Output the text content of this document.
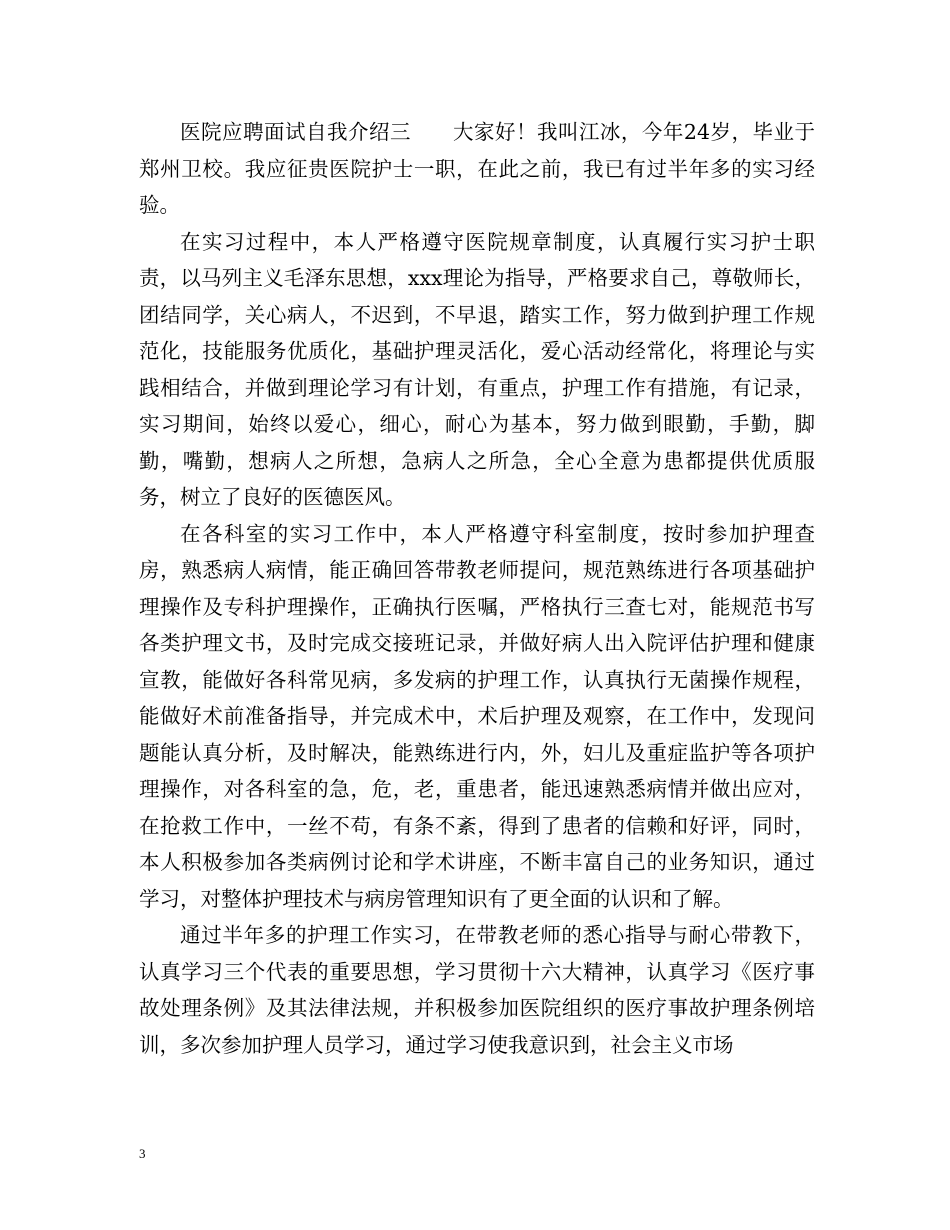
医院应聘面试自我介绍三　　大家好！我叫江冰，今年24岁，毕业于郑州卫校。我应征贵医院护士一职，在此之前，我已有过半年多的实习经验。

在实习过程中，本人严格遵守医院规章制度，认真履行实习护士职责，以马列主义毛泽东思想，xxx理论为指导，严格要求自己，尊敬师长，团结同学，关心病人，不迟到，不早退，踏实工作，努力做到护理工作规范化，技能服务优质化，基础护理灵活化，爱心活动经常化，将理论与实践相结合，并做到理论学习有计划，有重点，护理工作有措施，有记录，实习期间，始终以爱心，细心，耐心为基本，努力做到眼勤，手勤，脚勤，嘴勤，想病人之所想，急病人之所急，全心全意为患都提供优质服务，树立了良好的医德医风。

在各科室的实习工作中，本人严格遵守科室制度，按时参加护理查房，熟悉病人病情，能正确回答带教老师提问，规范熟练进行各项基础护理操作及专科护理操作，正确执行医嘱，严格执行三查七对，能规范书写各类护理文书，及时完成交接班记录，并做好病人出入院评估护理和健康宣教，能做好各科常见病，多发病的护理工作，认真执行无菌操作规程，能做好术前准备指导，并完成术中，术后护理及观察，在工作中，发现问题能认真分析，及时解决，能熟练进行内，外，妇儿及重症监护等各项护理操作，对各科室的急，危，老，重患者，能迅速熟悉病情并做出应对，在抢救工作中，一丝不苟，有条不紊，得到了患者的信赖和好评，同时，本人积极参加各类病例讨论和学术讲座，不断丰富自己的业务知识，通过学习，对整体护理技术与病房管理知识有了更全面的认识和了解。

通过半年多的护理工作实习，在带教老师的悉心指导与耐心带教下，认真学习三个代表的重要思想，学习贯彻十六大精神，认真学习《医疗事故处理条例》及其法律法规，并积极参加医院组织的医疗事故护理条例培训，多次参加护理人员学习，通过学习使我意识到，社会主义市场

3
